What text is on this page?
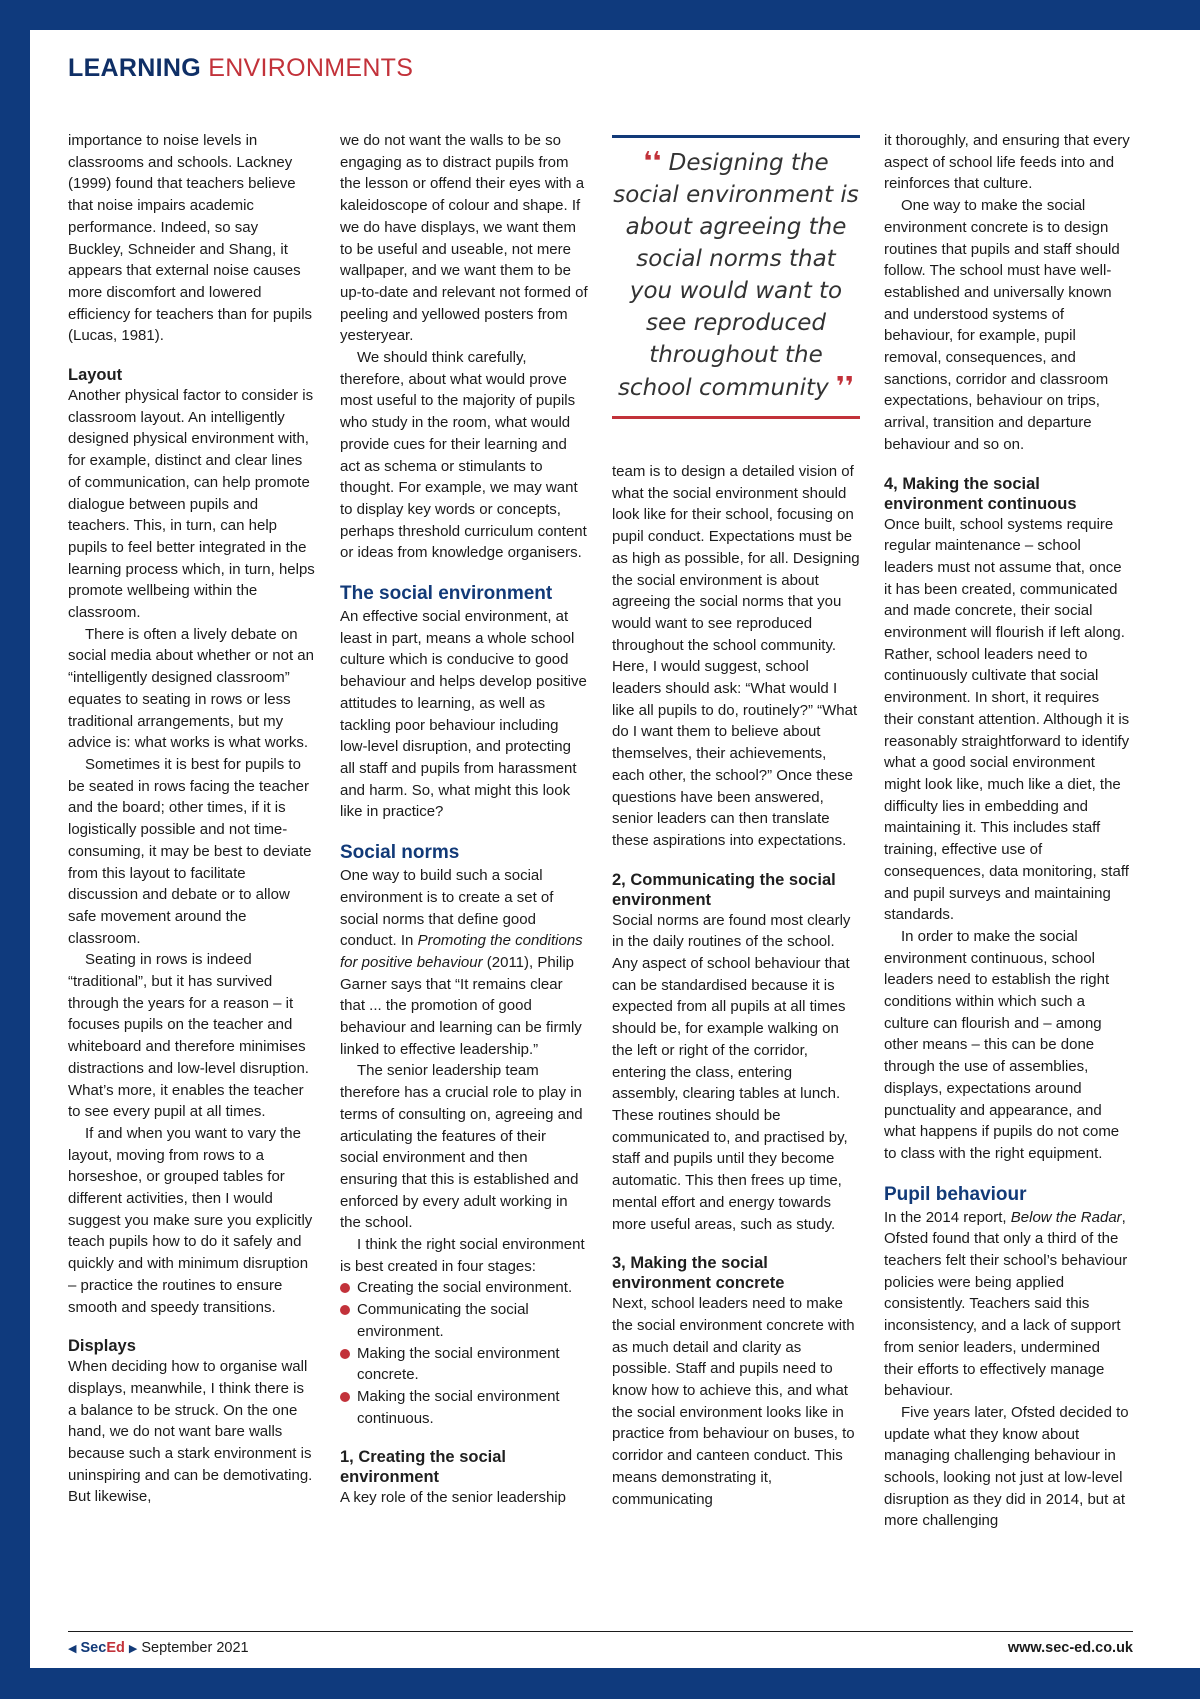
LEARNING ENVIRONMENTS

importance to noise levels in classrooms and schools. Lackney (1999) found that teachers believe that noise impairs academic performance. Indeed, so say Buckley, Schneider and Shang, it appears that external noise causes more discomfort and lowered efficiency for teachers than for pupils (Lucas, 1981).

Layout

Another physical factor to consider is classroom layout. An intelligently designed physical environment with, for example, distinct and clear lines of communication, can help promote dialogue between pupils and teachers. This, in turn, can help pupils to feel better integrated in the learning process which, in turn, helps promote wellbeing within the classroom.

There is often a lively debate on social media about whether or not an “intelligently designed classroom” equates to seating in rows or less traditional arrangements, but my advice is: what works is what works.

Sometimes it is best for pupils to be seated in rows facing the teacher and the board; other times, if it is logistically possible and not time-consuming, it may be best to deviate from this layout to facilitate discussion and debate or to allow safe movement around the classroom.

Seating in rows is indeed “traditional”, but it has survived through the years for a reason – it focuses pupils on the teacher and whiteboard and therefore minimises distractions and low-level disruption. What’s more, it enables the teacher to see every pupil at all times.

If and when you want to vary the layout, moving from rows to a horseshoe, or grouped tables for different activities, then I would suggest you make sure you explicitly teach pupils how to do it safely and quickly and with minimum disruption – practice the routines to ensure smooth and speedy transitions.

Displays

When deciding how to organise wall displays, meanwhile, I think there is a balance to be struck. On the one hand, we do not want bare walls because such a stark environment is uninspiring and can be demotivating. But likewise,

we do not want the walls to be so engaging as to distract pupils from the lesson or offend their eyes with a kaleidoscope of colour and shape. If we do have displays, we want them to be useful and useable, not mere wallpaper, and we want them to be up-to-date and relevant not formed of peeling and yellowed posters from yesteryear.

We should think carefully, therefore, about what would prove most useful to the majority of pupils who study in the room, what would provide cues for their learning and act as schema or stimulants to thought. For example, we may want to display key words or concepts, perhaps threshold curriculum content or ideas from knowledge organisers.

The social environment

An effective social environment, at least in part, means a whole school culture which is conducive to good behaviour and helps develop positive attitudes to learning, as well as tackling poor behaviour including low-level disruption, and protecting all staff and pupils from harassment and harm. So, what might this look like in practice?

Social norms

One way to build such a social environment is to create a set of social norms that define good conduct. In Promoting the conditions for positive behaviour (2011), Philip Garner says that “It remains clear that ... the promotion of good behaviour and learning can be firmly linked to effective leadership.”

The senior leadership team therefore has a crucial role to play in terms of consulting on, agreeing and articulating the features of their social environment and then ensuring that this is established and enforced by every adult working in the school.

I think the right social environment is best created in four stages:

Creating the social environment.
Communicating the social environment.
Making the social environment concrete.
Making the social environment continuous.
1, Creating the social environment

A key role of the senior leadership

❛❛ Designing the social environment is about agreeing the social norms that you would want to see reproduced throughout the school community ❜❜

team is to design a detailed vision of what the social environment should look like for their school, focusing on pupil conduct. Expectations must be as high as possible, for all. Designing the social environment is about agreeing the social norms that you would want to see reproduced throughout the school community. Here, I would suggest, school leaders should ask: “What would I like all pupils to do, routinely?” “What do I want them to believe about themselves, their achievements, each other, the school?” Once these questions have been answered, senior leaders can then translate these aspirations into expectations.

2, Communicating the social environment

Social norms are found most clearly in the daily routines of the school. Any aspect of school behaviour that can be standardised because it is expected from all pupils at all times should be, for example walking on the left or right of the corridor, entering the class, entering assembly, clearing tables at lunch. These routines should be communicated to, and practised by, staff and pupils until they become automatic. This then frees up time, mental effort and energy towards more useful areas, such as study.

3, Making the social environment concrete

Next, school leaders need to make the social environment concrete with as much detail and clarity as possible. Staff and pupils need to know how to achieve this, and what the social environment looks like in practice from behaviour on buses, to corridor and canteen conduct. This means demonstrating it, communicating

it thoroughly, and ensuring that every aspect of school life feeds into and reinforces that culture.

One way to make the social environment concrete is to design routines that pupils and staff should follow. The school must have well-established and universally known and understood systems of behaviour, for example, pupil removal, consequences, and sanctions, corridor and classroom expectations, behaviour on trips, arrival, transition and departure behaviour and so on.

4, Making the social environment continuous

Once built, school systems require regular maintenance – school leaders must not assume that, once it has been created, communicated and made concrete, their social environment will flourish if left along. Rather, school leaders need to continuously cultivate that social environment. In short, it requires their constant attention. Although it is reasonably straightforward to identify what a good social environment might look like, much like a diet, the difficulty lies in embedding and maintaining it. This includes staff training, effective use of consequences, data monitoring, staff and pupil surveys and maintaining standards.

In order to make the social environment continuous, school leaders need to establish the right conditions within which such a culture can flourish and – among other means – this can be done through the use of assemblies, displays, expectations around punctuality and appearance, and what happens if pupils do not come to class with the right equipment.

Pupil behaviour

In the 2014 report, Below the Radar, Ofsted found that only a third of the teachers felt their school’s behaviour policies were being applied consistently. Teachers said this inconsistency, and a lack of support from senior leaders, undermined their efforts to effectively manage behaviour.

Five years later, Ofsted decided to update what they know about managing challenging behaviour in schools, looking not just at low-level disruption as they did in 2014, but at more challenging

◀ SecEd ▶ September 2021	www.sec-ed.co.uk
